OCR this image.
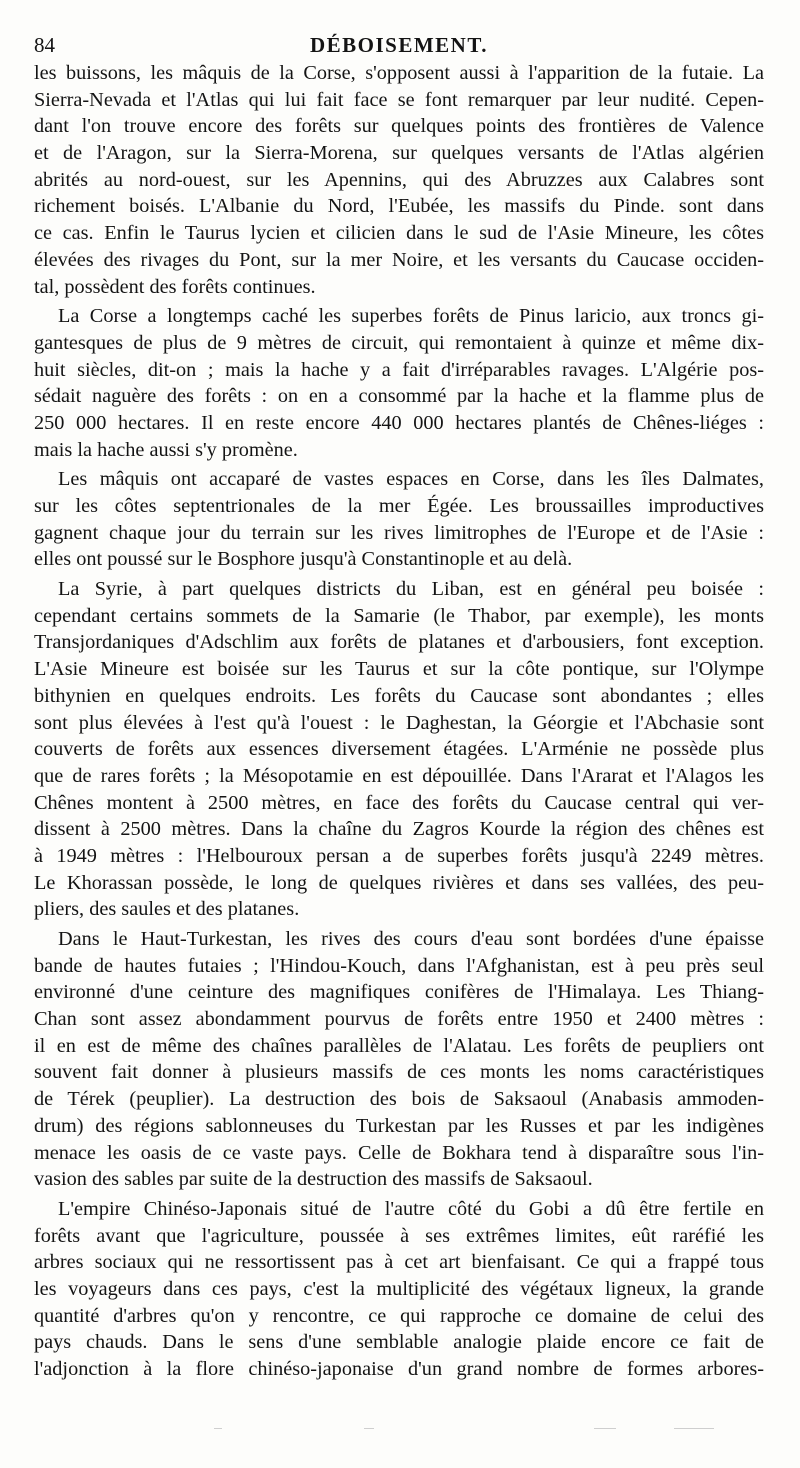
84	DÉBOISEMENT.
les buissons, les mâquis de la Corse, s'opposent aussi à l'apparition de la futaie. La
Sierra-Nevada et l'Atlas qui lui fait face se font remarquer par leur nudité. Cepen-
dant l'on trouve encore des forêts sur quelques points des frontières de Valence
et de l'Aragon, sur la Sierra-Morena, sur quelques versants de l'Atlas algérien
abrités au nord-ouest, sur les Apennins, qui des Abruzzes aux Calabres sont
richement boisés. L'Albanie du Nord, l'Eubée, les massifs du Pinde. sont dans
ce cas. Enfin le Taurus lycien et cilicien dans le sud de l'Asie Mineure, les côtes
élevées des rivages du Pont, sur la mer Noire, et les versants du Caucase occiden-
tal, possèdent des forêts continues.
La Corse a longtemps caché les superbes forêts de Pinus laricio, aux troncs gi-
gantesques de plus de 9 mètres de circuit, qui remontaient à quinze et même dix-
huit siècles, dit-on ; mais la hache y a fait d'irréparables ravages. L'Algérie pos-
sédait naguère des forêts : on en a consommé par la hache et la flamme plus de
250 000 hectares. Il en reste encore 440 000 hectares plantés de Chênes-liéges :
mais la hache aussi s'y promène.
Les mâquis ont accaparé de vastes espaces en Corse, dans les îles Dalmates,
sur les côtes septentrionales de la mer Égée. Les broussailles improductives
gagnent chaque jour du terrain sur les rives limitrophes de l'Europe et de l'Asie :
elles ont poussé sur le Bosphore jusqu'à Constantinople et au delà.
La Syrie, à part quelques districts du Liban, est en général peu boisée :
cependant certains sommets de la Samarie (le Thabor, par exemple), les monts
Transjordaniques d'Adschlim aux forêts de platanes et d'arbousiers, font exception.
L'Asie Mineure est boisée sur les Taurus et sur la côte pontique, sur l'Olympe
bithynien en quelques endroits. Les forêts du Caucase sont abondantes ; elles
sont plus élevées à l'est qu'à l'ouest : le Daghestan, la Géorgie et l'Abchasie sont
couverts de forêts aux essences diversement étagées. L'Arménie ne possède plus
que de rares forêts ; la Mésopotamie en est dépouillée. Dans l'Ararat et l'Alagos les
Chênes montent à 2500 mètres, en face des forêts du Caucase central qui ver-
dissent à 2500 mètres. Dans la chaîne du Zagros Kourde la région des chênes est
à 1949 mètres : l'Helbouroux persan a de superbes forêts jusqu'à 2249 mètres.
Le Khorassan possède, le long de quelques rivières et dans ses vallées, des peu-
pliers, des saules et des platanes.
Dans le Haut-Turkestan, les rives des cours d'eau sont bordées d'une épaisse
bande de hautes futaies ; l'Hindou-Kouch, dans l'Afghanistan, est à peu près seul
environné d'une ceinture des magnifiques conifères de l'Himalaya. Les Thiang-
Chan sont assez abondamment pourvus de forêts entre 1950 et 2400 mètres :
il en est de même des chaînes parallèles de l'Alatau. Les forêts de peupliers ont
souvent fait donner à plusieurs massifs de ces monts les noms caractéristiques
de Térek (peuplier). La destruction des bois de Saksaoul (Anabasis ammoden-
drum) des régions sablonneuses du Turkestan par les Russes et par les indigènes
menace les oasis de ce vaste pays. Celle de Bokhara tend à disparaître sous l'in-
vasion des sables par suite de la destruction des massifs de Saksaoul.
L'empire Chinéso-Japonais situé de l'autre côté du Gobi a dû être fertile en
forêts avant que l'agriculture, poussée à ses extrêmes limites, eût raréfié les
arbres sociaux qui ne ressortissent pas à cet art bienfaisant. Ce qui a frappé tous
les voyageurs dans ces pays, c'est la multiplicité des végétaux ligneux, la grande
quantité d'arbres qu'on y rencontre, ce qui rapproche ce domaine de celui des
pays chauds. Dans le sens d'une semblable analogie plaide encore ce fait de
l'adjonction à la flore chinéso-japonaise d'un grand nombre de formes arbores-
